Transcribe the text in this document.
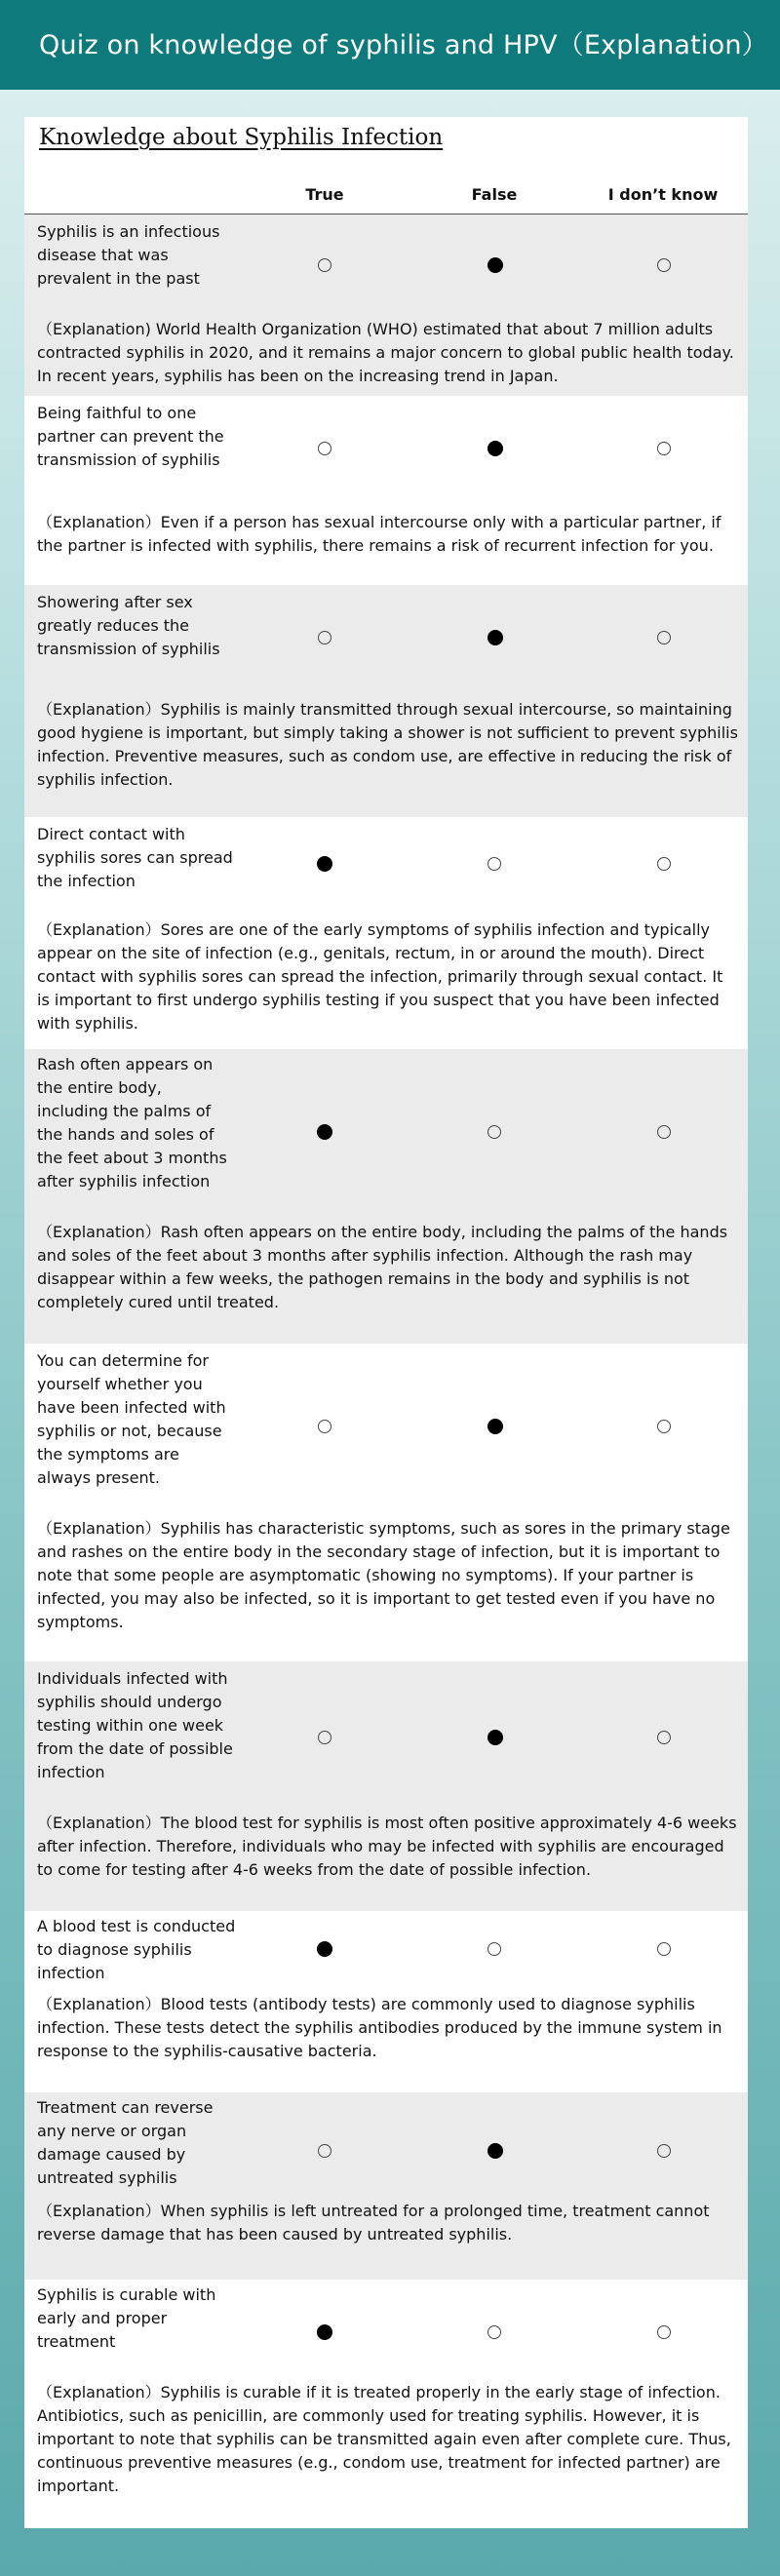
Quiz on knowledge of syphilis and HPV（Explanation）
Knowledge about Syphilis Infection
True	False	I don’t know

Syphilis is an infectious disease that was prevalent in the past

（Explanation) World Health Organization (WHO) estimated that about 7 million adults contracted syphilis in 2020, and it remains a major concern to global public health today. In recent years, syphilis has been on the increasing trend in Japan.

Being faithful to one partner can prevent the transmission of syphilis

（Explanation）Even if a person has sexual intercourse only with a particular partner, if the partner is infected with syphilis, there remains a risk of recurrent infection for you.

Showering after sex greatly reduces the transmission of syphilis

（Explanation）Syphilis is mainly transmitted through sexual intercourse, so maintaining good hygiene is important, but simply taking a shower is not sufficient to prevent syphilis infection. Preventive measures, such as condom use, are effective in reducing the risk of syphilis infection.

Direct contact with syphilis sores can spread the infection

（Explanation）Sores are one of the early symptoms of syphilis infection and typically appear on the site of infection (e.g., genitals, rectum, in or around the mouth). Direct contact with syphilis sores can spread the infection, primarily through sexual contact. It is important to first undergo syphilis testing if you suspect that you have been infected with syphilis.

Rash often appears on the entire body, including the palms of the hands and soles of the feet about 3 months after syphilis infection

（Explanation）Rash often appears on the entire body, including the palms of the hands and soles of the feet about 3 months after syphilis infection. Although the rash may disappear within a few weeks, the pathogen remains in the body and syphilis is not completely cured until treated.

You can determine for yourself whether you have been infected with syphilis or not, because the symptoms are always present.

（Explanation）Syphilis has characteristic symptoms, such as sores in the primary stage and rashes on the entire body in the secondary stage of infection, but it is important to note that some people are asymptomatic (showing no symptoms). If your partner is infected, you may also be infected, so it is important to get tested even if you have no symptoms.

Individuals infected with syphilis should undergo testing within one week from the date of possible infection

（Explanation）The blood test for syphilis is most often positive approximately 4-6 weeks after infection. Therefore, individuals who may be infected with syphilis are encouraged to come for testing after 4-6 weeks from the date of possible infection.

A blood test is conducted to diagnose syphilis infection

（Explanation）Blood tests (antibody tests) are commonly used to diagnose syphilis infection. These tests detect the syphilis antibodies produced by the immune system in response to the syphilis-causative bacteria.

Treatment can reverse any nerve or organ damage caused by untreated syphilis

（Explanation）When syphilis is left untreated for a prolonged time, treatment cannot reverse damage that has been caused by untreated syphilis.

Syphilis is curable with early and proper treatment

（Explanation）Syphilis is curable if it is treated properly in the early stage of infection. Antibiotics, such as penicillin, are commonly used for treating syphilis. However, it is important to note that syphilis can be transmitted again even after complete cure. Thus, continuous preventive measures (e.g., condom use, treatment for infected partner) are important.
